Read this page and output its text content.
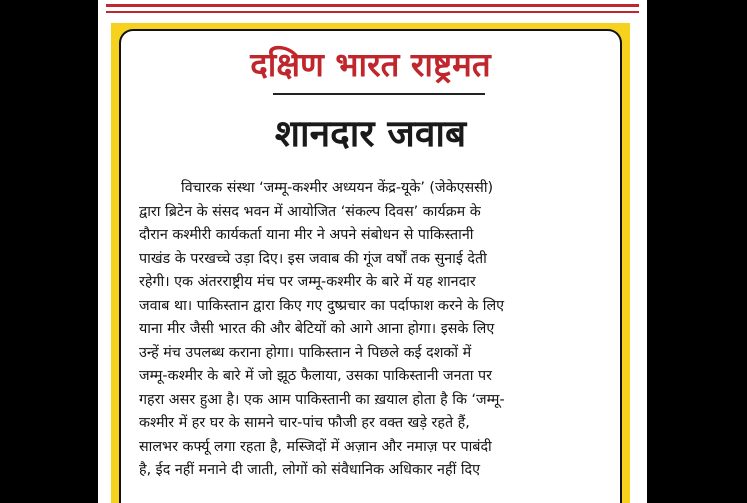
दक्षिण भारत राष्ट्रमत
शानदार जवाब
विचारक संस्था ‘जम्मू-कश्मीर अध्ययन केंद्र-यूके’ (जेकेएससी)
द्वारा ब्रिटेन के संसद भवन में आयोजित ‘संकल्प दिवस’ कार्यक्रम के
दौरान कश्मीरी कार्यकर्ता याना मीर ने अपने संबोधन से पाकिस्तानी
पाखंड के परखच्चे उड़ा दिए। इस जवाब की गूंज वर्षों तक सुनाई देती
रहेगी। एक अंतरराष्ट्रीय मंच पर जम्मू-कश्मीर के बारे में यह शानदार
जवाब था। पाकिस्तान द्वारा किए गए दुष्प्रचार का पर्दाफाश करने के लिए
याना मीर जैसी भारत की और बेटियों को आगे आना होगा। इसके लिए
उन्हें मंच उपलब्ध कराना होगा। पाकिस्तान ने पिछले कई दशकों में
जम्मू-कश्मीर के बारे में जो झूठ फैलाया, उसका पाकिस्तानी जनता पर
गहरा असर हुआ है। एक आम पाकिस्तानी का ख़याल होता है कि ‘जम्मू-
कश्मीर में हर घर के सामने चार-पांच फौजी हर वक्त खड़े रहते हैं,
सालभर कर्फ्यू लगा रहता है, मस्जिदों में अज़ान और नमाज़ पर पाबंदी
है, ईद नहीं मनाने दी जाती, लोगों को संवैधानिक अधिकार नहीं दिए
